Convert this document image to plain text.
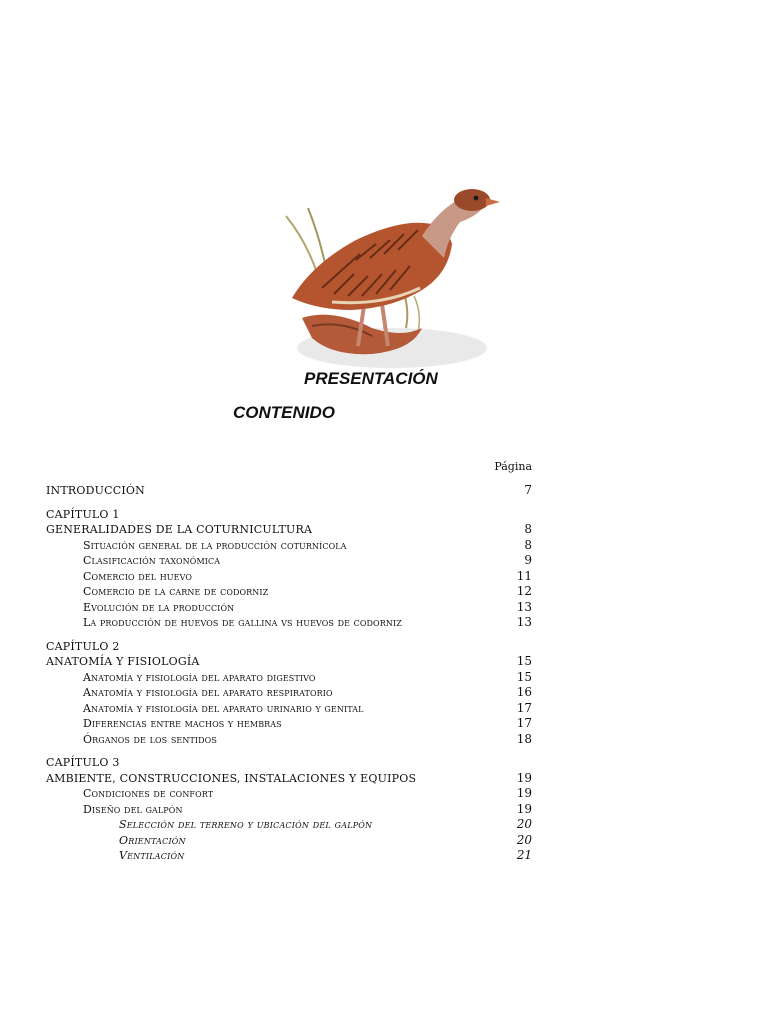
PRESENTACIÓN
CONTENIDO
Página
INTRODUCCIÓN	7
CAPÍTULO 1
GENERALIDADES DE LA COTURNICULTURA	8
Situación general de la producción coturnícola	8
Clasificación taxonómica	9
Comercio del huevo	11
Comercio de la carne de codorniz	12
Evolución de la producción	13
La producción de huevos de gallina vs huevos de codorniz	13
CAPÍTULO 2
ANATOMÍA Y FISIOLOGÍA	15
Anatomía y fisiología del aparato digestivo	15
Anatomía y fisiología del aparato respiratorio	16
Anatomía y fisiología del aparato urinario y genital	17
Diferencias entre machos y hembras	17
Órganos de los sentidos	18
CAPÍTULO 3
AMBIENTE, CONSTRUCCIONES, INSTALACIONES Y EQUIPOS	19
Condiciones de confort	19
Diseño del galpón	19
Selección del terreno y ubicación del galpón	20
Orientación	20
Ventilación	21
